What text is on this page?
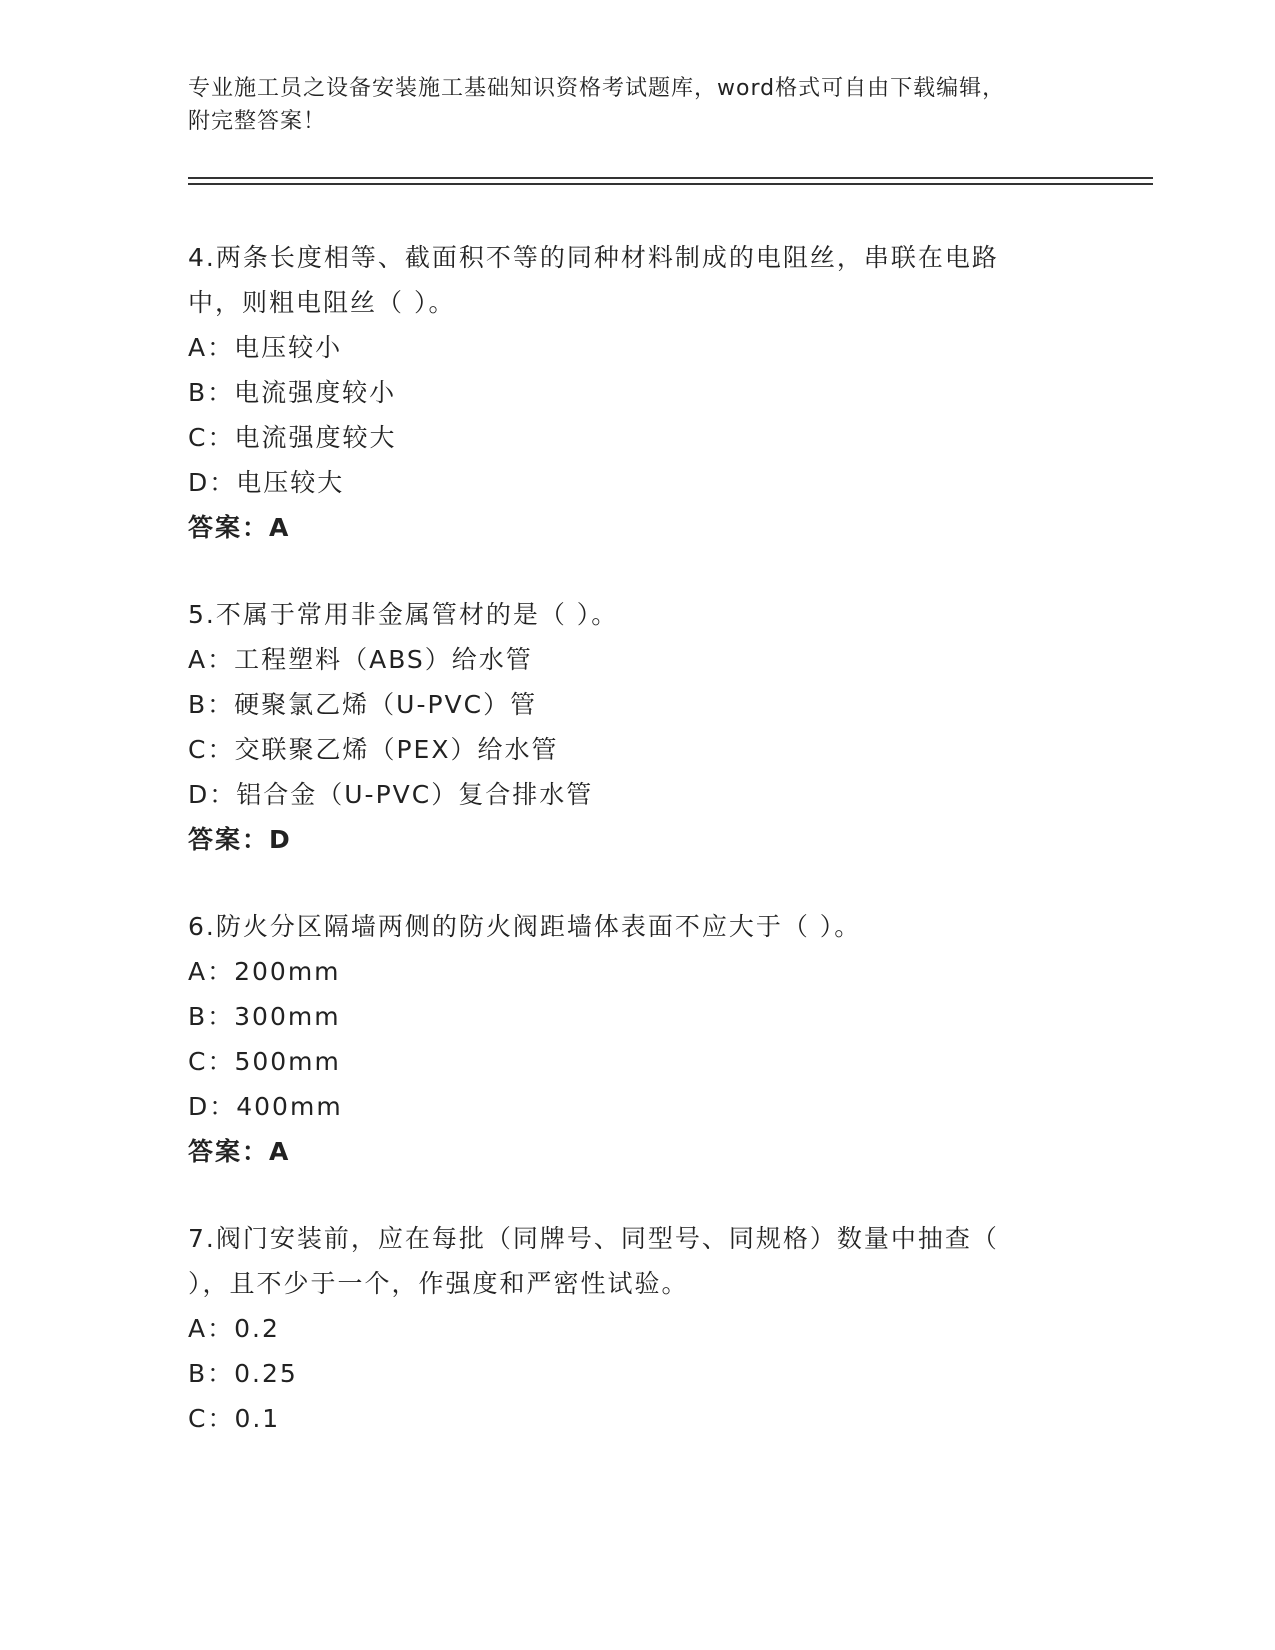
专业施工员之设备安装施工基础知识资格考试题库，word格式可自由下载编辑，
附完整答案！
4.两条长度相等、截面积不等的同种材料制成的电阻丝，串联在电路
中，则粗电阻丝（ ）。
A：电压较小
B：电流强度较小
C：电流强度较大
D：电压较大
答案：A
5.不属于常用非金属管材的是（ ）。
A：工程塑料（ABS）给水管
B：硬聚氯乙烯（U-PVC）管
C：交联聚乙烯（PEX）给水管
D：铝合金（U-PVC）复合排水管
答案：D
6.防火分区隔墙两侧的防火阀距墙体表面不应大于（ ）。
A：200mm
B：300mm
C：500mm
D：400mm
答案：A
7.阀门安装前，应在每批（同牌号、同型号、同规格）数量中抽查（
），且不少于一个，作强度和严密性试验。
A：0.2
B：0.25
C：0.1
